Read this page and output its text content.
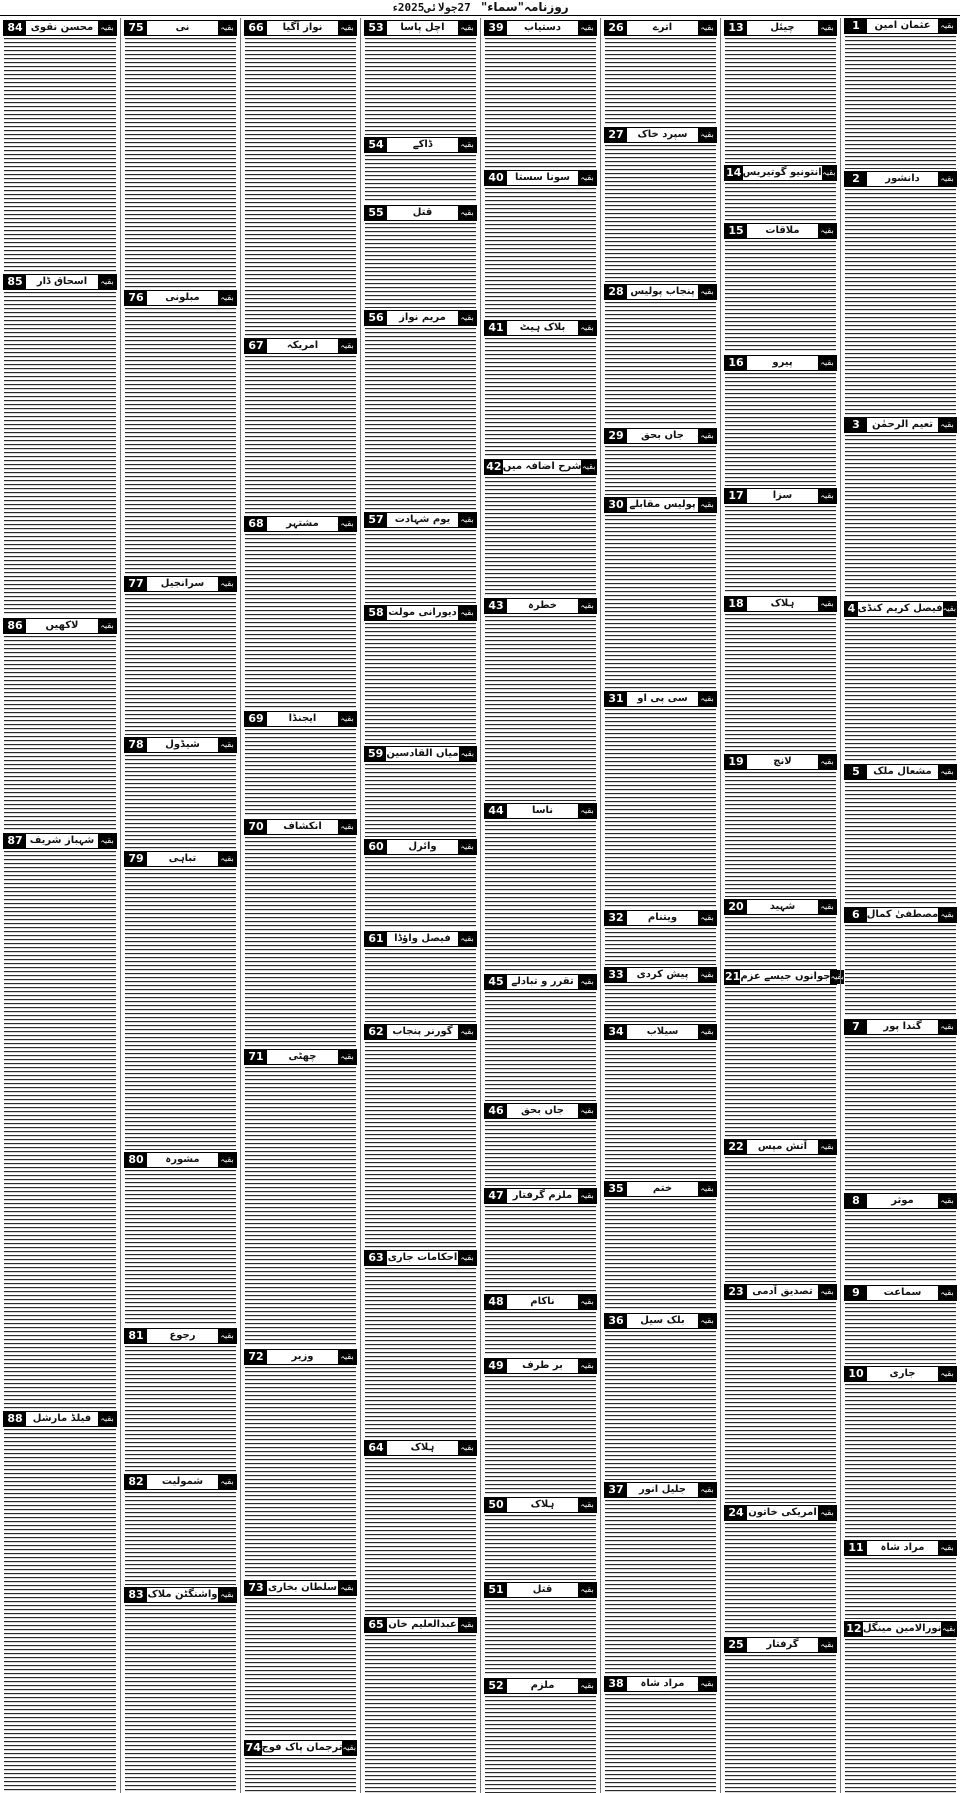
روزنامہ"سماء" 27جولائی2025ء
1	عثمان امین	بقیہ
2	دانشور	بقیہ
3	تعیم الرحمٰن بقیہ
4 فیصل کریم کنڈی بقیہ
5	مشعال ملک	بقیہ
6 مصطفیٰ کمال بقیہ
7	گندا پور	بقیہ
8	موثر	بقیہ
9	سماعت	بقیہ
10	جاری	بقیہ
11	مراد شاہ	بقیہ
12 نورالامین مینگل بقیہ
13	چیئل	بقیہ
14 انتونیو گوتیریس بقیہ
15	ملاقات	بقیہ
16	پیرو	بقیہ
17	سزا	بقیہ
18	ہلاک	بقیہ
19	لانچ	بقیہ
20	شہید	بقیہ
21 جوانوں جیسے عزم بقیہ
22	آتش مپس	بقیہ
23 تصدیق آدمی بقیہ
24 امریکی خاتون بقیہ
25	گرفتار	بقیہ
26	اترے	بقیہ
27	سپرد خاک	بقیہ
28 پنجاب پولیس بقیہ
29	جاں بحق	بقیہ
30 پولیس مقابلے بقیہ
31	سی پی او	بقیہ
32	ویتنام	بقیہ
33	پیش کردی	بقیہ
34	سیلاب	بقیہ
35	ختم	بقیہ
36	بلک سیل	بقیہ
37	جلیل انور	بقیہ
38	مراد شاہ	بقیہ
39	دستیاب	بقیہ
40	سونا سستا	بقیہ
41	بلاک ہیٹ	بقیہ
42 شرح اضافہ میں بقیہ
43	خطرہ	بقیہ
44	ناسا	بقیہ
45 تقرر و تبادلے بقیہ
46	جاں بحق	بقیہ
47 ملزم گرفتار	بقیہ
48	ناکام	بقیہ
49	بر طرف	بقیہ
50	ہلاک	بقیہ
51	قتل	بقیہ
52	ملزم	بقیہ
53	اچل پاسا	بقیہ
54	ڈاکے	بقیہ
55	قتل	بقیہ
56	مریم نواز	بقیہ
57	یوم شہادت	بقیہ
58 دیورانی مولت بقیہ
59 میاں القادسین بقیہ
60	وائرل	بقیہ
61	فیصل واؤڈا	بقیہ
62 گورنر پنجاب بقیہ
63 احکامات جاری بقیہ
64	ہلاک	بقیہ
65 عبدالعلیم خان بقیہ
66	نواز آگیا	بقیہ
67	امریکہ	بقیہ
68	مشتہر	بقیہ
69	ایجنڈا	بقیہ
70	انکشاف	بقیہ
71	چھٹی	بقیہ
72	وزیر	بقیہ
73 سلطان بخاری بقیہ
74 ترجمان پاک فوج بقیہ
75	نی	بقیہ
76	مبلونی	بقیہ
77	سرانجیل	بقیہ
78	شیڈول	بقیہ
79	تباہی	بقیہ
80	مشورہ	بقیہ
81	رجوع	بقیہ
82	شمولیت	بقیہ
83 واشنگٹن ملاک بقیہ
84 محسن نقوی بقیہ
85	اسحاق ڈار	بقیہ
86	لاکھیں	بقیہ
87 شہباز شریف بقیہ
88	فیلڈ مارشل	بقیہ
